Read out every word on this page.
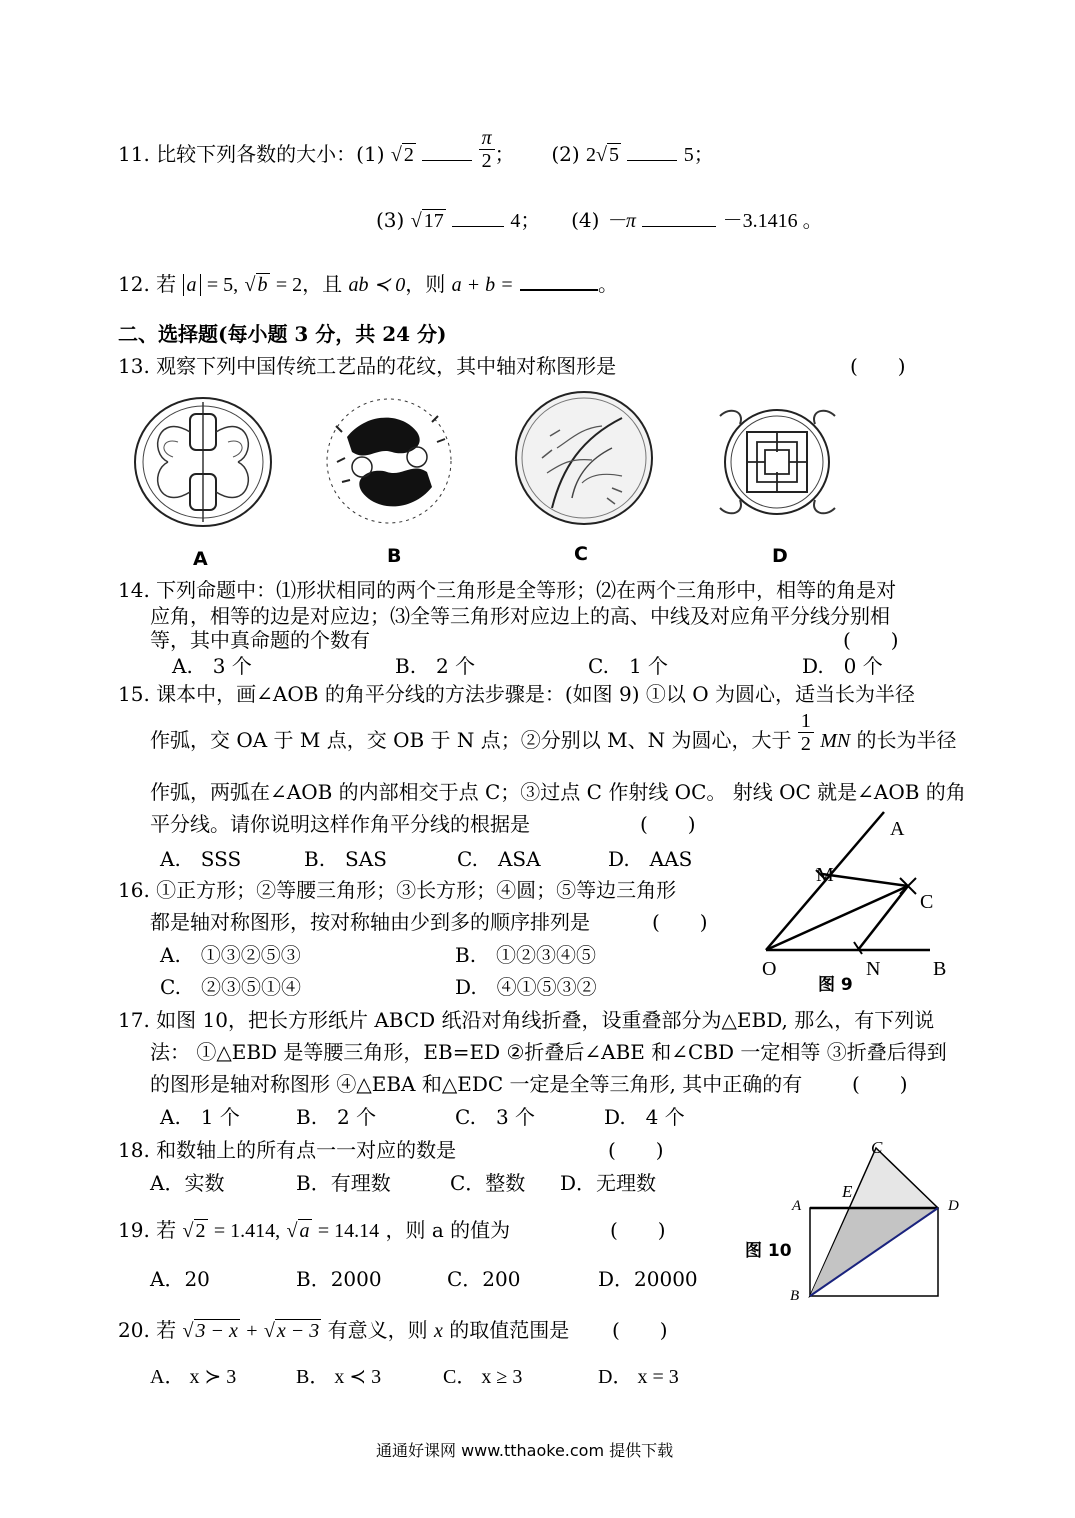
11. 比较下列各数的大小：(1) √ 2	$\frac{\pi}{2}$ ； (2) 2√ 5	5；
(3) √ 17	4； (4) －π	－3.1416 。
12. 若 a = 5, √ b = 2，且 ab ≺ 0，则 a + b =	。
二、选择题(每小题 3 分，共 24 分)
13. 观察下列中国传统工艺品的花纹，其中轴对称图形是	(　　)
A	B	C	D
14. 下列命题中：⑴形状相同的两个三角形是全等形；⑵在两个三角形中，相等的角是对
应角，相等的边是对应边；⑶全等三角形对应边上的高、中线及对应角平分线分别相
等，其中真命题的个数有	(　　)
A.　3 个	B.　2 个	C.　1 个	D.　0 个
15. 课本中，画∠AOB 的角平分线的方法步骤是：(如图 9) ①以 O 为圆心，适当长为半径
作弧，交 OA 于 M 点，交 OB 于 N 点；②分别以 M、N 为圆心，大于 $\frac{1}{2}$ MN 的长为半径
作弧，两弧在∠AOB 的内部相交于点 C；③过点 C 作射线 OC。 射线 OC 就是∠AOB 的角
平分线。请你说明这样作角平分线的根据是	(　　)
A.　SSS	B.　SAS	C.　ASA	D.　AAS
A
M
C
O	N	B
图 9
16. ①正方形；②等腰三角形；③长方形；④圆；⑤等边三角形
都是轴对称图形，按对称轴由少到多的顺序排列是	(　　)
A.　①③②⑤③	B.　①②③④⑤
C.　②③⑤①④	D.　④①⑤③②
17. 如图 10，把长方形纸片 ABCD 纸沿对角线折叠，设重叠部分为△EBD, 那么，有下列说
法： ①△EBD 是等腰三角形，EB=ED ②折叠后∠ABE 和∠CBD 一定相等 ③折叠后得到
的图形是轴对称图形 ④△EBA 和△EDC 一定是全等三角形, 其中正确的有 (　　)
A.　1 个	B.　2 个	C.　3 个	D.　4 个
18. 和数轴上的所有点一一对应的数是	(　　)
A．实数	B．有理数	C．整数 D．无理数
C
E
A	D
B
图 10
19. 若 √ 2 = 1.414, √ a = 14.14 ，则 a 的值为	(　　)
A．20	B．2000	C．200	D．20000
20. 若 √ 3 − x + √ x − 3 有意义，则 x 的取值范围是 (　　)
A． x ≻ 3	B． x ≺ 3	C． x ≥ 3	D． x = 3
通通好课网 www.tthaoke.com 提供下载
